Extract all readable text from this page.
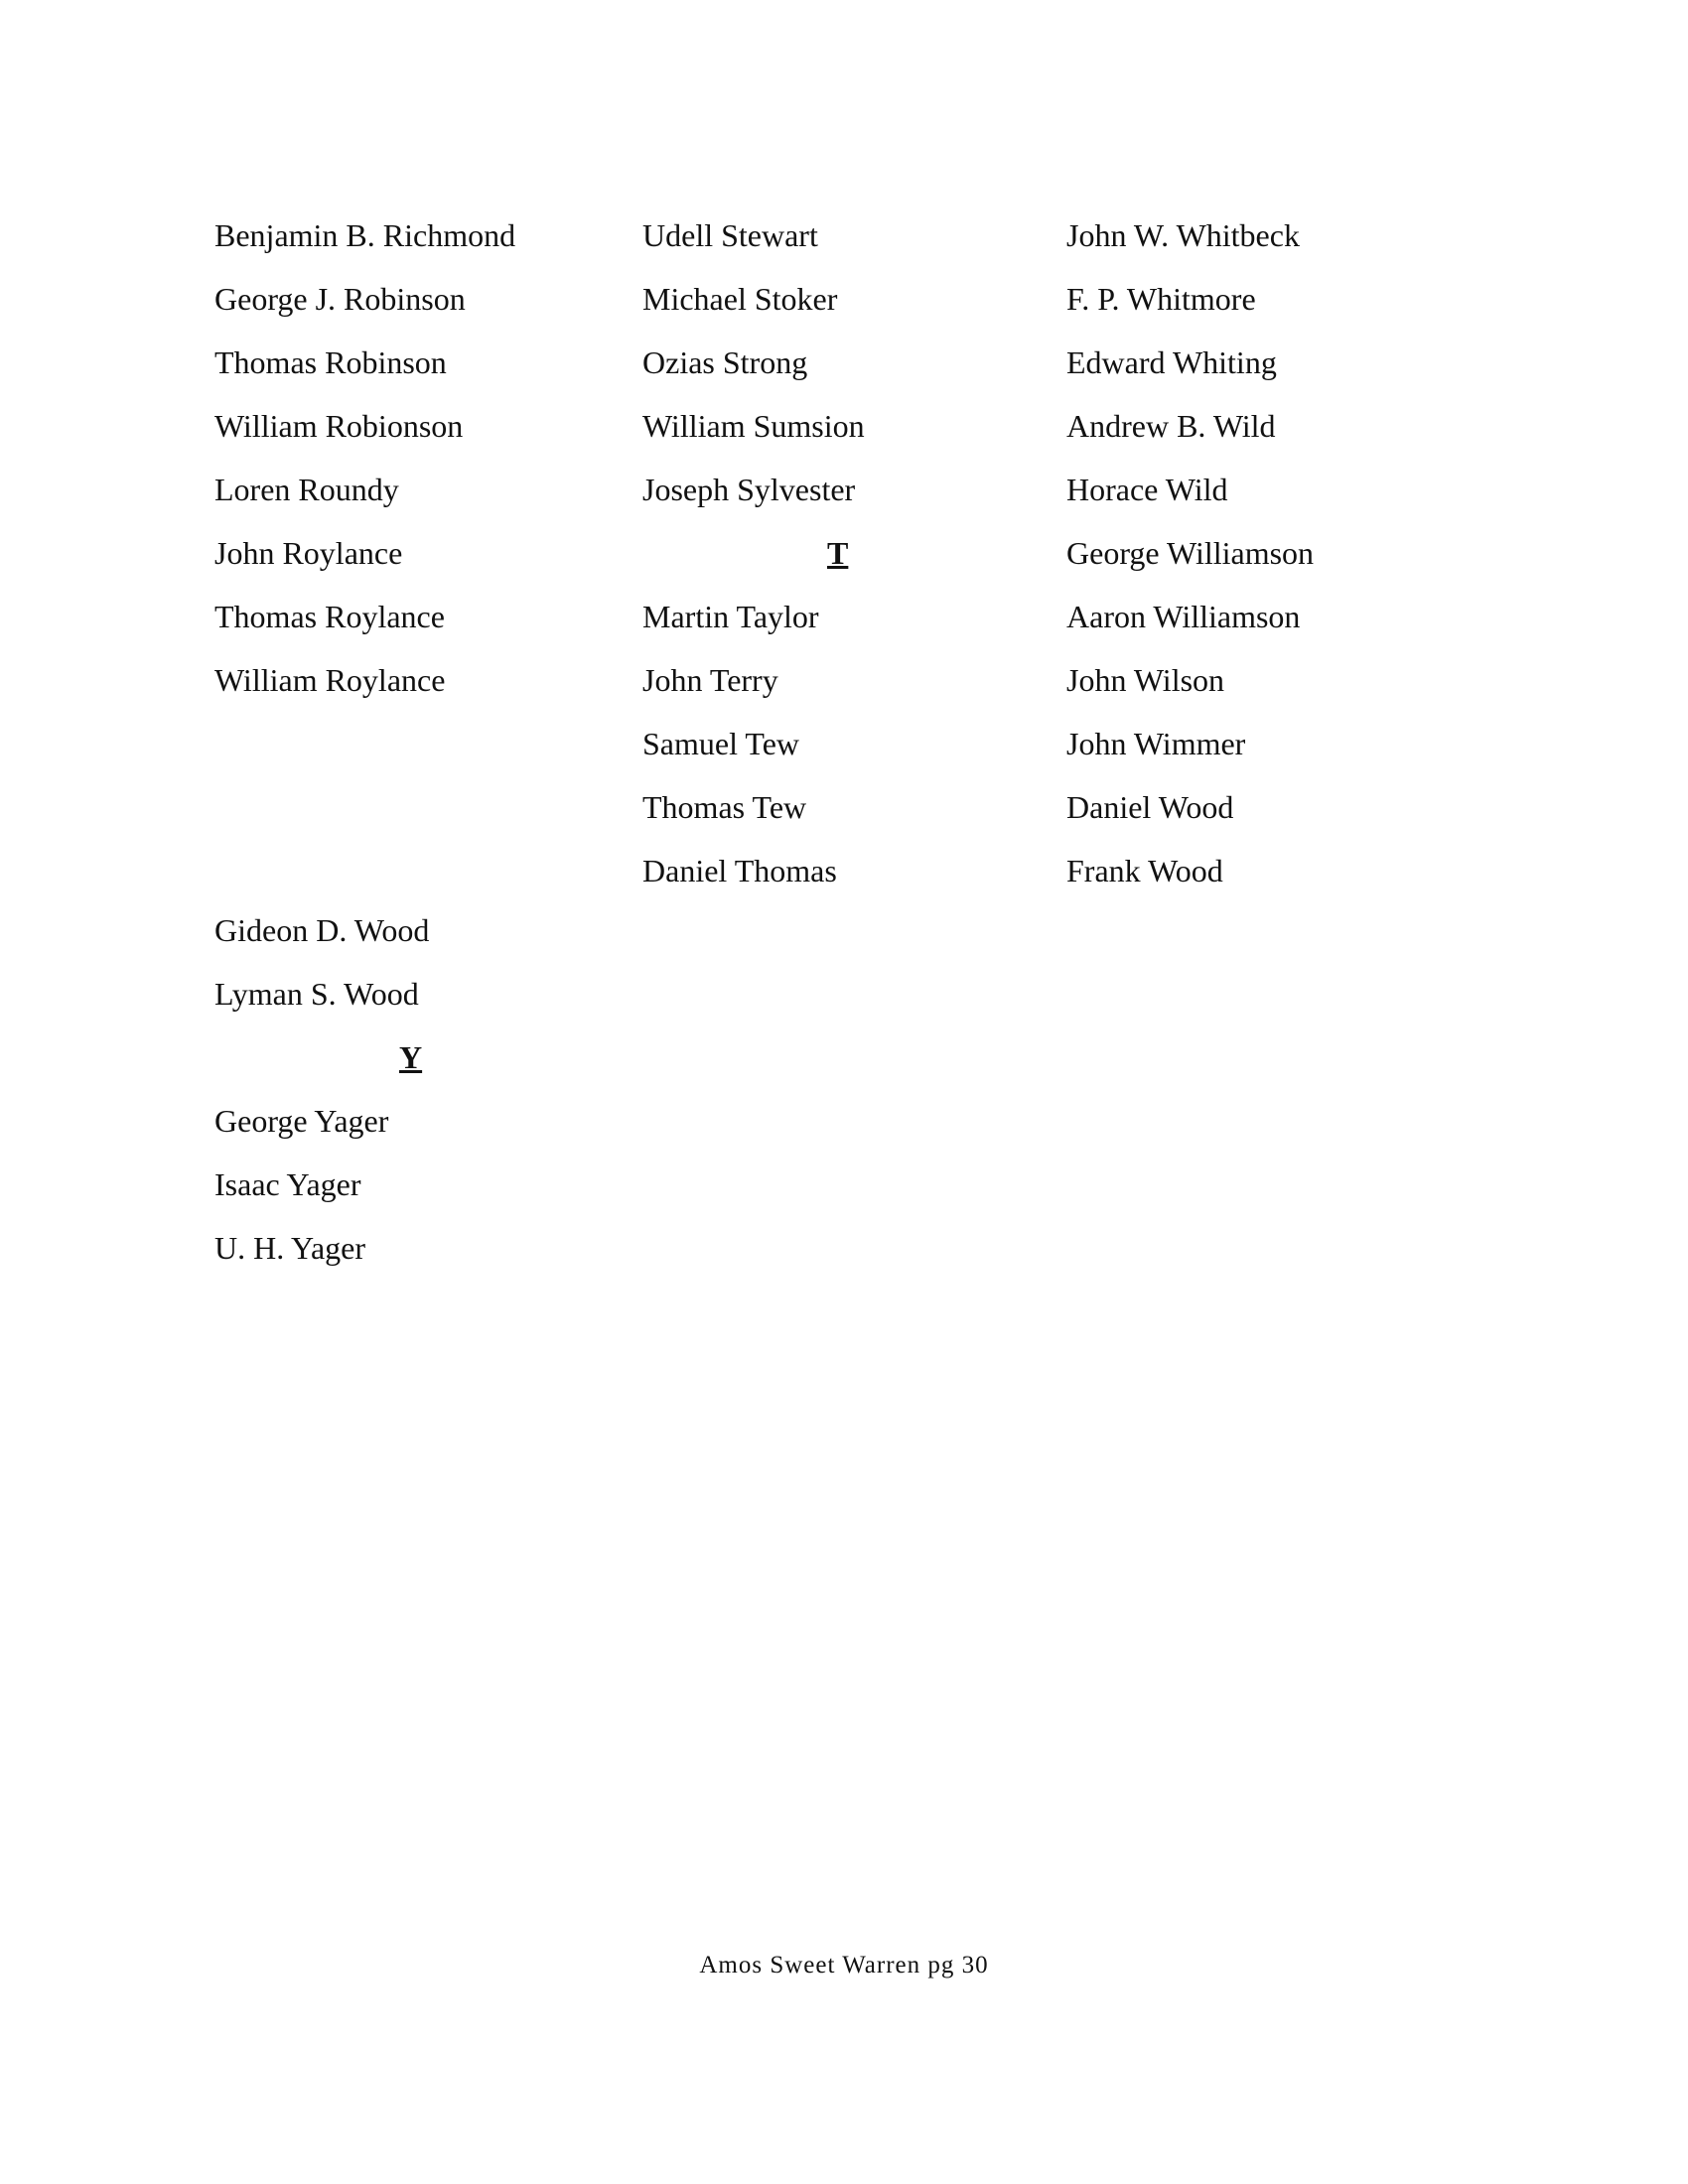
Benjamin B. Richmond
George J. Robinson
Thomas Robinson
William Robionson
Loren Roundy
John Roylance
Thomas Roylance
William Roylance
Udell Stewart
Michael Stoker
Ozias Strong
William Sumsion
Joseph Sylvester
T
Martin Taylor
John Terry
Samuel Tew
Thomas Tew
Daniel Thomas
John W. Whitbeck
F. P. Whitmore
Edward Whiting
Andrew B. Wild
Horace Wild
George Williamson
Aaron Williamson
John Wilson
John Wimmer
Daniel Wood
Frank Wood
Gideon D. Wood
Lyman S. Wood
Y
George Yager
Isaac Yager
U. H. Yager
Amos Sweet Warren pg 30
